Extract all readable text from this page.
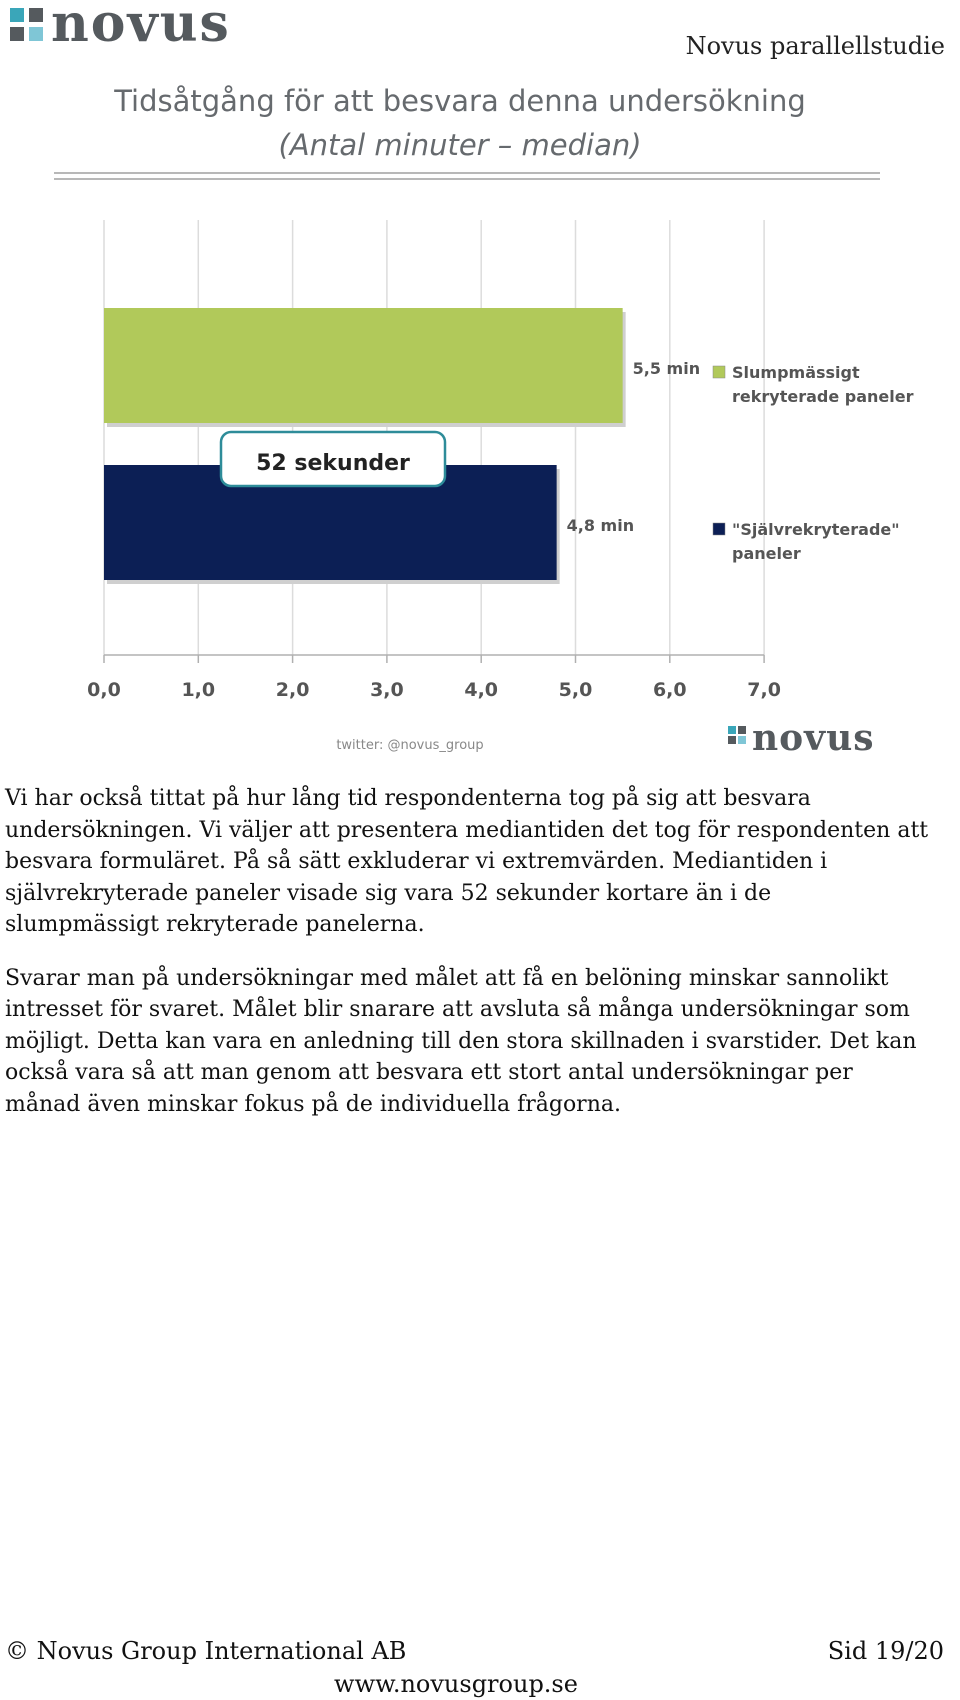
novus	Novus parallellstudie
Tidsåtgång för att besvara denna undersökning
(Antal minuter – median)
0,0	1,0	2,0	3,0	4,0	5,0	6,0	7,0
5,5 min Slumpmässigt
rekryterade paneler
4,8 min	"Självrekryterade"
paneler
52 sekunder
twitter: @novus_group	novus

Vi har också tittat på hur lång tid respondenterna tog på sig att besvara undersökningen. Vi väljer att presentera mediantiden det tog för respondenten att besvara formuläret. På så sätt exkluderar vi extremvärden. Mediantiden i självrekryterade paneler visade sig vara 52 sekunder kortare än i de slumpmässigt rekryterade panelerna.

Svarar man på undersökningar med målet att få en belöning minskar sannolikt intresset för svaret. Målet blir snarare att avsluta så många undersökningar som möjligt. Detta kan vara en anledning till den stora skillnaden i svarstider. Det kan också vara så att man genom att besvara ett stort antal undersökningar per månad även minskar fokus på de individuella frågorna.

© Novus Group International AB	Sid 19/20
www.novusgroup.se
